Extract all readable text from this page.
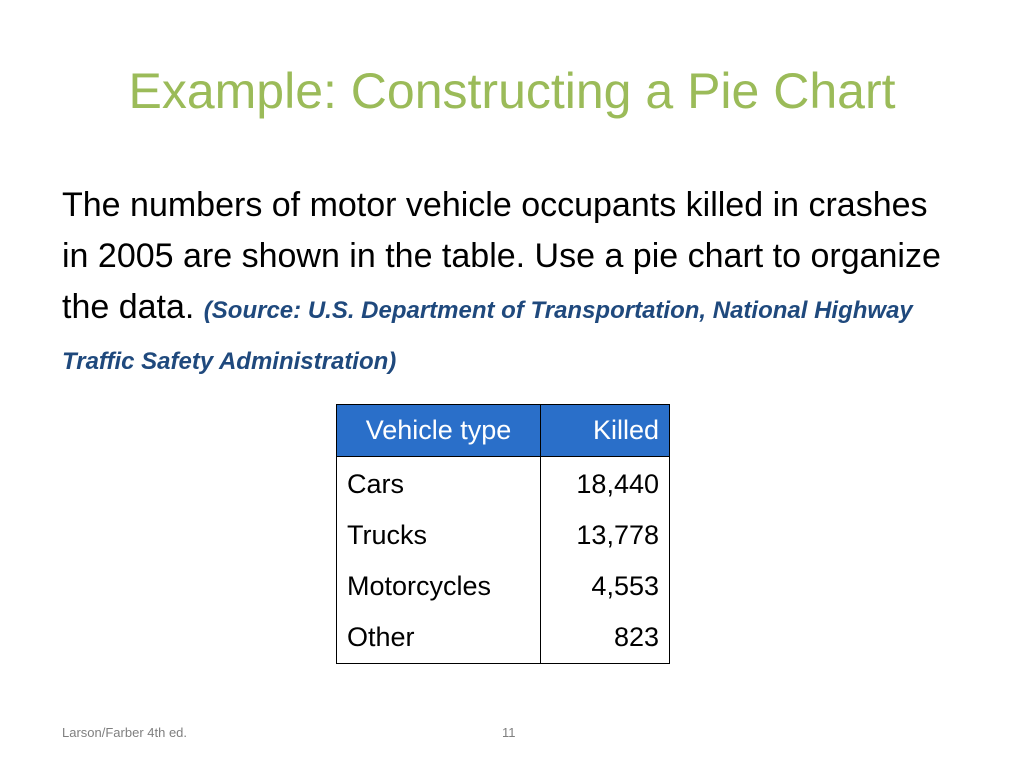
Example: Constructing a Pie Chart
The numbers of motor vehicle occupants killed in crashes in 2005 are shown in the table. Use a pie chart to organize the data. (Source: U.S. Department of Transportation, National Highway Traffic Safety Administration)
Vehicle type	Killed
Cars	18,440
Trucks	13,778
Motorcycles	4,553
Other	823
Larson/Farber 4th ed.	11
